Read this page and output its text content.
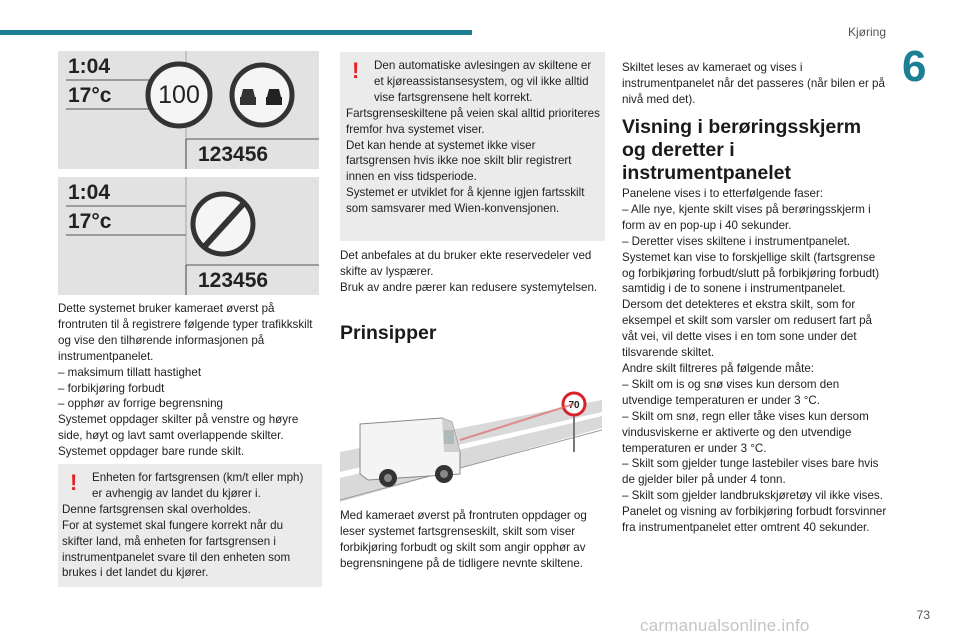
Kjøring
6
1:04
17°c	100
123456
1:04
17°c
123456

Dette systemet bruker kameraet øverst på frontruten til å registrere følgende typer trafikkskilt og vise den tilhørende informasjonen på instrumentpanelet.

– maksimum tillatt hastighet

– forbikjøring forbudt

– opphør av forrige begrensning

Systemet oppdager skilter på venstre og høyre side, høyt og lavt samt overlappende skilter.

Systemet oppdager bare runde skilt.

!	Enheten for fartsgrensen (km/t eller mph) er avhengig av landet du kjører i.

Denne fartsgrensen skal overholdes.

For at systemet skal fungere korrekt når du skifter land, må enheten for fartsgrensen i instrumentpanelet svare til den enheten som brukes i det landet du kjører.

!	Den automatiske avlesingen av skiltene er et kjøreassistansesystem, og vil ikke alltid vise fartsgrensene helt korrekt.

Fartsgrenseskiltene på veien skal alltid prioriteres fremfor hva systemet viser.

Det kan hende at systemet ikke viser fartsgrensen hvis ikke noe skilt blir registrert innen en viss tidsperiode.

Systemet er utviklet for å kjenne igjen fartsskilt som samsvarer med Wien-konvensjonen.

Det anbefales at du bruker ekte reservedeler ved skifte av lyspærer.

Bruk av andre pærer kan redusere systemytelsen.

Prinsipper
70

Med kameraet øverst på frontruten oppdager og leser systemet fartsgrenseskilt, skilt som viser forbikjøring forbudt og skilt som angir opphør av begrensningene på de tidligere nevnte skiltene.

Skiltet leses av kameraet og vises i instrumentpanelet når det passeres (når bilen er på nivå med det).

Visning i berøringsskjerm og deretter i instrumentpanelet

Panelene vises i to etterfølgende faser:

– Alle nye, kjente skilt vises på berøringsskjerm i form av en pop-up i 40 sekunder.

– Deretter vises skiltene i instrumentpanelet.

Systemet kan vise to forskjellige skilt (fartsgrense og forbikjøring forbudt/slutt på forbikjøring forbudt) samtidig i de to sonene i instrumentpanelet.

Dersom det detekteres et ekstra skilt, som for eksempel et skilt som varsler om redusert fart på våt vei, vil dette vises i en tom sone under det tilsvarende skiltet.

Andre skilt filtreres på følgende måte:

– Skilt om is og snø vises kun dersom den utvendige temperaturen er under 3 °C.

– Skilt om snø, regn eller tåke vises kun dersom vindusviskerne er aktiverte og den utvendige temperaturen er under 3 °C.

– Skilt som gjelder tunge lastebiler vises bare hvis de gjelder biler på under 4 tonn.

– Skilt som gjelder landbrukskjøretøy vil ikke vises.

Panelet og visning av forbikjøring forbudt forsvinner fra instrumentpanelet etter omtrent 40 sekunder.

73
carmanualsonline.info
